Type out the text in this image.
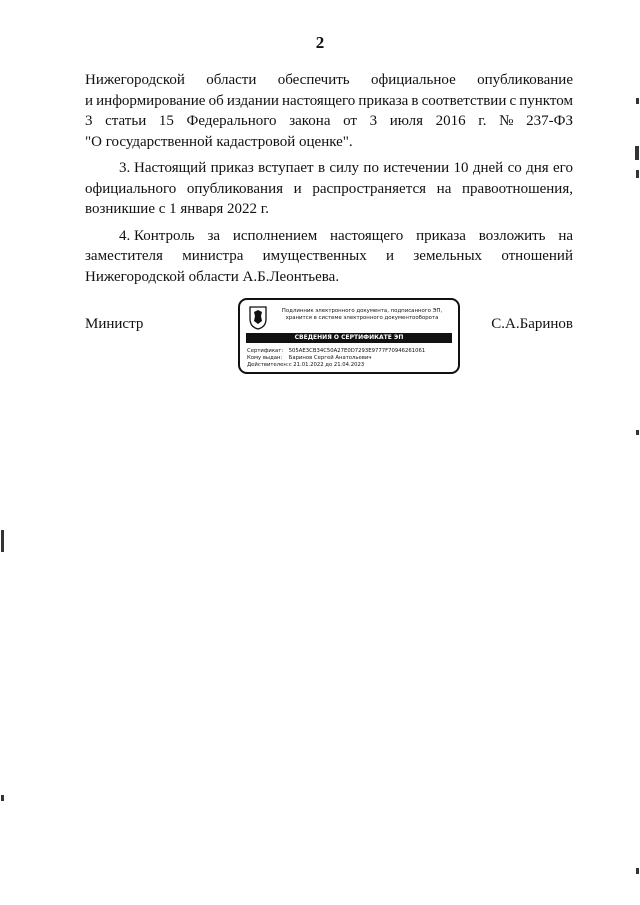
2
Нижегородской области обеспечить официальное опубликование
и информирование об издании настоящего приказа в соответствии с пунктом
3 статьи 15 Федерального закона от 3 июля 2016 г. № 237-ФЗ
"О государственной кадастровой оценке".
3. Настоящий приказ вступает в силу по истечении 10 дней со дня его
официального опубликования и распространяется на правоотношения,
возникшие с 1 января 2022 г.
4. Контроль за исполнением настоящего приказа возложить на
заместителя министра имущественных и земельных отношений
Нижегородской области А.Б.Леонтьева.
Министр
Подлинник электронного документа, подписанного ЭП,
хранится в системе электронного документооборота
СВЕДЕНИЯ О СЕРТИФИКАТЕ ЭП
Сертификат: 505AE3CB34C50A27E0D7293E9777F70946261061
Кому выдан: Баринов Сергей Анатольевич
Действителен: с 21.01.2022 до 21.04.2023
С.А.Баринов
